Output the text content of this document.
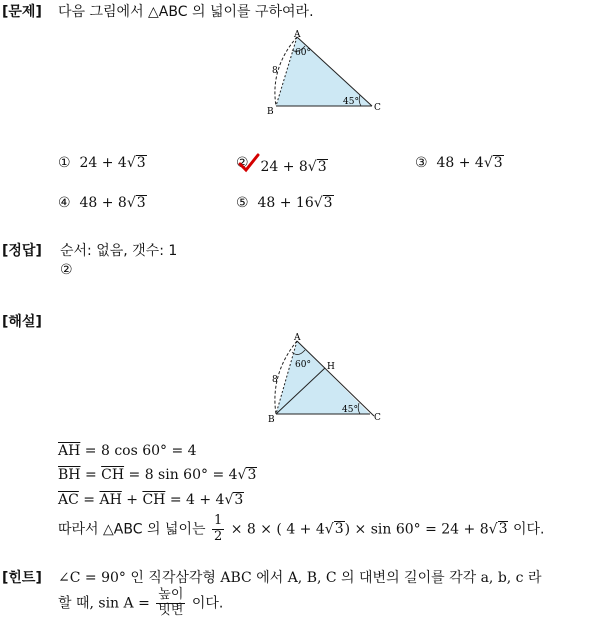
[문제] 다음 그림에서 △ABC 의 넓이를 구하여라.
A
B	C
8
60°
45°
①  24 + 4√3	② 24 + 8√3	③  48 + 4√3
④  48 + 8√3	⑤  48 + 16√3
[정답] 순서: 없음, 갯수: 1
②
[해설]
A
B	C
H
8
60°
45°
$\overline{AH} = 8$ cos 60° = 4
$\overline{BH} = \overline{CH} = 8$ sin 60° = 4√3
$\overline{AC} = \overline{AH} + \overline{CH} = 4 + 4√3$
따라서 △ABC 의 넓이는 $\frac{1}{2} \times 8$ × ( 4 + 4√3) × sin 60° = 24 + 8√3 이다.
[힌트] ∠C = 90° 인 직각삼각형 ABC 에서 A, B, C 의 대변의 길이를 각각 a, b, c 라
할 때, $\sin A = \frac{\text{높이}}{\text{빗변}}$ 이다.
